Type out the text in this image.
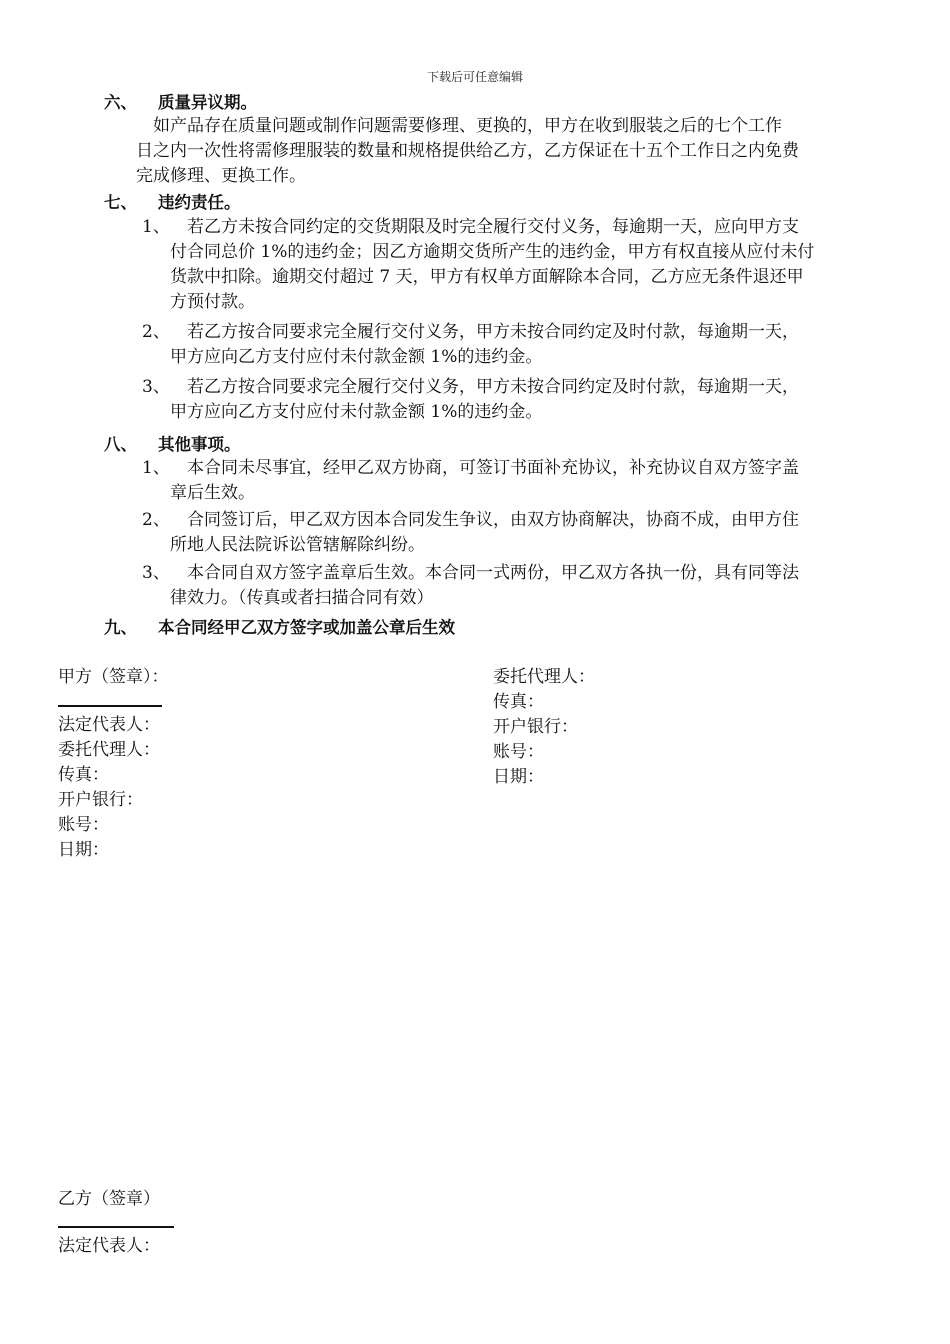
下载后可任意编辑
六、 质量异议期。
　如产品存在质量问题或制作问题需要修理、更换的，甲方在收到服装之后的七个工作
日之内一次性将需修理服装的数量和规格提供给乙方，乙方保证在十五个工作日之内免费
完成修理、更换工作。
七、 违约责任。
1、 　若乙方未按合同约定的交货期限及时完全履行交付义务，每逾期一天，应向甲方支
付合同总价 1%的违约金；因乙方逾期交货所产生的违约金，甲方有权直接从应付未付
货款中扣除。逾期交付超过 7 天，甲方有权单方面解除本合同，乙方应无条件退还甲
方预付款。
2、 　若乙方按合同要求完全履行交付义务，甲方未按合同约定及时付款，每逾期一天，
甲方应向乙方支付应付未付款金额 1%的违约金。
3、 　若乙方按合同要求完全履行交付义务，甲方未按合同约定及时付款，每逾期一天，
甲方应向乙方支付应付未付款金额 1%的违约金。
八、 其他事项。
1、 　本合同未尽事宜，经甲乙双方协商，可签订书面补充协议，补充协议自双方签字盖
章后生效。
2、 　合同签订后，甲乙双方因本合同发生争议，由双方协商解决，协商不成，由甲方住
所地人民法院诉讼管辖解除纠纷。
3、 　本合同自双方签字盖章后生效。本合同一式两份，甲乙双方各执一份，具有同等法
律效力。（传真或者扫描合同有效）
九、 本合同经甲乙双方签字或加盖公章后生效
甲方（签章）：
法定代表人：
委托代理人：
传真：
开户银行：
账号：
日期：
委托代理人：
传真：
开户银行：
账号：
日期：
乙方（签章）
法定代表人：
